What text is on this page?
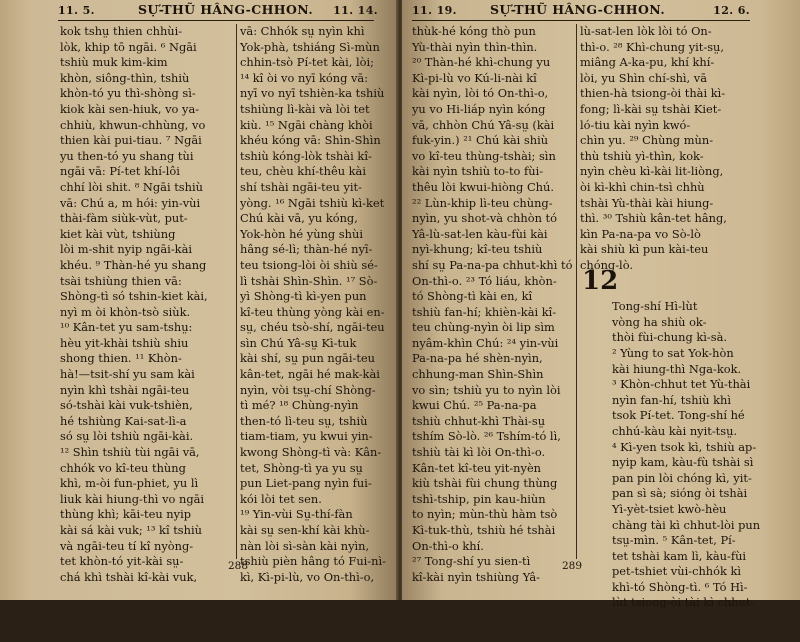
11. 5.	SỰ-THŨ HÂNG-CHHON. 11. 14.
kok tshṳ thien chhùi-
lòk, khip tō ngāi. ⁶ Ngāi
tshiù muk kim-kim
khòn, siông-thìn, tshiù
khòn-tó yu thì-shòng sì-
kiok kài sen-hiuk, vo ya-
chhiù, khwun-chhùng, vo
thien kài pui-tiau. ⁷ Ngāi
yu then-tó yu shang tùi
ngāi vā: Pí-tet khí-lôi
chhí lòi shit. ⁸ Ngāi tshiù
vā: Chú a, m hóɨ: yin-vùi
thài-fàm siùk-vùt, put-
kiet kài vùt, tshiùng
lòi m-shit nyip ngāi-kài
khéu. ⁹ Thàn-hé yu shang
tsài tshiùng thien vā:
Shòng-tì só tshin-kiet kài,
nyì m òi khòn-tsò siùk.
¹⁰ Kân-tet yu sam-tshṳ:
hèu yit-khài tshiù shiu
shong thien. ¹¹ Khòn-
hà!—tsit-shí yu sam kài
nyìn khì tshài ngāi-teu
só-tshài kài vuk-tshièn,
hé tshiùng Kai-sat-lì-a
só sṳ lòi tshiù ngāi-kài.
¹² Shìn tshiù tùi ngāi vā,
chhók vo kî-teu thùng
khì, m-òi fun-phiet, yu lì
liuk kài hiung-thì vo ngāi
thùng khì; kāi-teu nyip
kài sá kài vuk; ¹³ kî tshiù
và ngāi-teu tí kî nyòng-
tet khòn-tó yit-kài sṳ-
chá khì tshài kî-kài vuk,
vā: Chhók sṳ nyìn khì
Yok-phà, tshiáng Sì-mùn
chhin-tsò Pí-tet kài, lòi;
¹⁴ kî òi vo nyī kóng vā:
nyī vo nyī tshièn-ka tshiù
tshiùng lì-kài và lòi tet
kiù. ¹⁵ Ngāi chàng khòi
khéu kóng vā: Shìn-Shìn
tshiù kóng-lòk tshài kî-
teu, chèu khí-thêu kài
shí tshài ngāi-teu yit-
yòng. ¹⁶ Ngāi tshiù kì-ket
Chú kài vā, yu kóng,
Yok-hòn hé yùng shùi
hâng sé-lì; thàn-hé nyī-
teu tsiong-lòi òi shiù sé-
lì tshài Shìn-Shìn. ¹⁷ Sò-
yì Shòng-tì kì-yen pun
kî-teu thùng yòng kài en-
sṳ, chéu tsò-shí, ngāi-teu
sìn Chú Yâ-sṳ Kì-tuk
kài shí, sṳ pun ngāi-teu
kân-tet, ngāi hé mak-kài
nyìn, vòi tsṳ-chí Shòng-
tì mé? ¹⁸ Chùng-nyìn
then-tó lì-teu sṳ, tshiù
tiam-tiam, yu kwui yin-
kwong Shòng-tì và: Kân-
tet, Shòng-tì ya yu sṳ
pun Liet-pang nyìn fui-
kói lòi tet sen.
¹⁹ Yin-vùi Sṳ-thí-fàn
kài sṳ sen-khí kài khù-
nàn lòi sì-sàn kài nyìn,
tshiù pièn hâng tó Fui-nì-
kì, Kì-pi-lù, vo On-thì-o,
288
11. 19.	SỰ-THŨ HÂNG-CHHON.	12. 6.
thùk-hé kóng thò pun
Yù-thài nyìn thìn-thìn.
²⁰ Thàn-hé khì-chung yu
Kì-pi-lù vo Kú-li-nài kî
kài nyìn, lòi tó On-thì-o,
yu vo Hi-liáp nyìn kóng
vā, chhòn Chú Yâ-sṳ (kài
fuk-yin.) ²¹ Chú kài shiù
vo kî-teu thùng-tshài; sìn
kài nyìn tshiù to-to fùi-
thêu lòi kwui-hiòng Chú.
²² Lùn-khip lì-teu chùng-
nyìn, yu shot-và chhòn tó
Yâ-lù-sat-len kàu-fùi kài
nyì-khung; kî-teu tshiù
shí sṳ Pa-na-pa chhut-khì tó
On-thì-o. ²³ Tó liáu, khòn-
tó Shòng-tì kài en, kî
tshiù fan-hí; khièn-kài kî-
teu chùng-nyìn òi lip sìm
nyâm-khìn Chú: ²⁴ yin-vùi
Pa-na-pa hé shèn-nyìn,
chhung-man Shìn-Shìn
vo sìn; tshiù yu to nyìn lòi
kwui Chú. ²⁵ Pa-na-pa
tshiù chhut-khì Thài-sṳ
tshím Sò-lò. ²⁶ Tshím-tó lì,
tshiù tài kì lòi On-thì-o.
Kân-tet kî-teu yit-nyèn
kiù tshài fùi chung thùng
tshì-tship, pin kau-hiùn
to nyìn; mùn-thù hàm tsò
Kì-tuk-thù, tshiù hé tshài
On-thì-o khí.
²⁷ Tong-shí yu sien-tì
kî-kài nyìn tshiùng Yâ-
lù-sat-len lòk lòi tó On-
thì-o. ²⁸ Khì-chung yit-sṳ,
miâng A-ka-pu, khí khí-
lòi, yu Shìn chí-shì, vā
thien-hà tsiong-òi thài kì-
fong; lì-kài sṳ tshài Kiet-
ló-tiu kài nyìn kwó-
chìn yu. ²⁹ Chùng mùn-
thù tshiù yì-thìn, kok-
nyìn chèu kì-kài lit-liòng,
òi kì-khì chin-tsì chhù
tshài Yù-thài kài hiung-
thì. ³⁰ Tshiù kân-tet hâng,
kìn Pa-na-pa vo Sò-lò
kài shiù kì pun kài-teu
chóng-lò.
12

Tong-shí Hì-lùt
vòng ha shiù ok-
thòi fùi-chung kì-sà.
² Yùng to sat Yok-hòn
kài hiung-thì Nga-kok.
³ Khòn-chhut tet Yù-thài
nyìn fan-hí, tshiù khì
tsok Pí-tet. Tong-shí hé
chhú-kàu kài nyit-tsṳ.
⁴ Kì-yen tsok kì, tshiù ap-
nyip kam, kàu-fù tshài sì
pan pin lòi chóng kì, yit-
pan sì sà; sióng òi tshài
Yì-yèt-tsiet kwò-hèu
chàng tài kì chhut-lòi pun
tsṳ-mìn. ⁵ Kân-tet, Pí-
tet tshài kam lì, kàu-fùi
pet-tshiet vùi-chhók kì
khì-tó Shòng-tì. ⁶ Tó Hì-
lùt tsiong-òi tài kì chhut-

289
